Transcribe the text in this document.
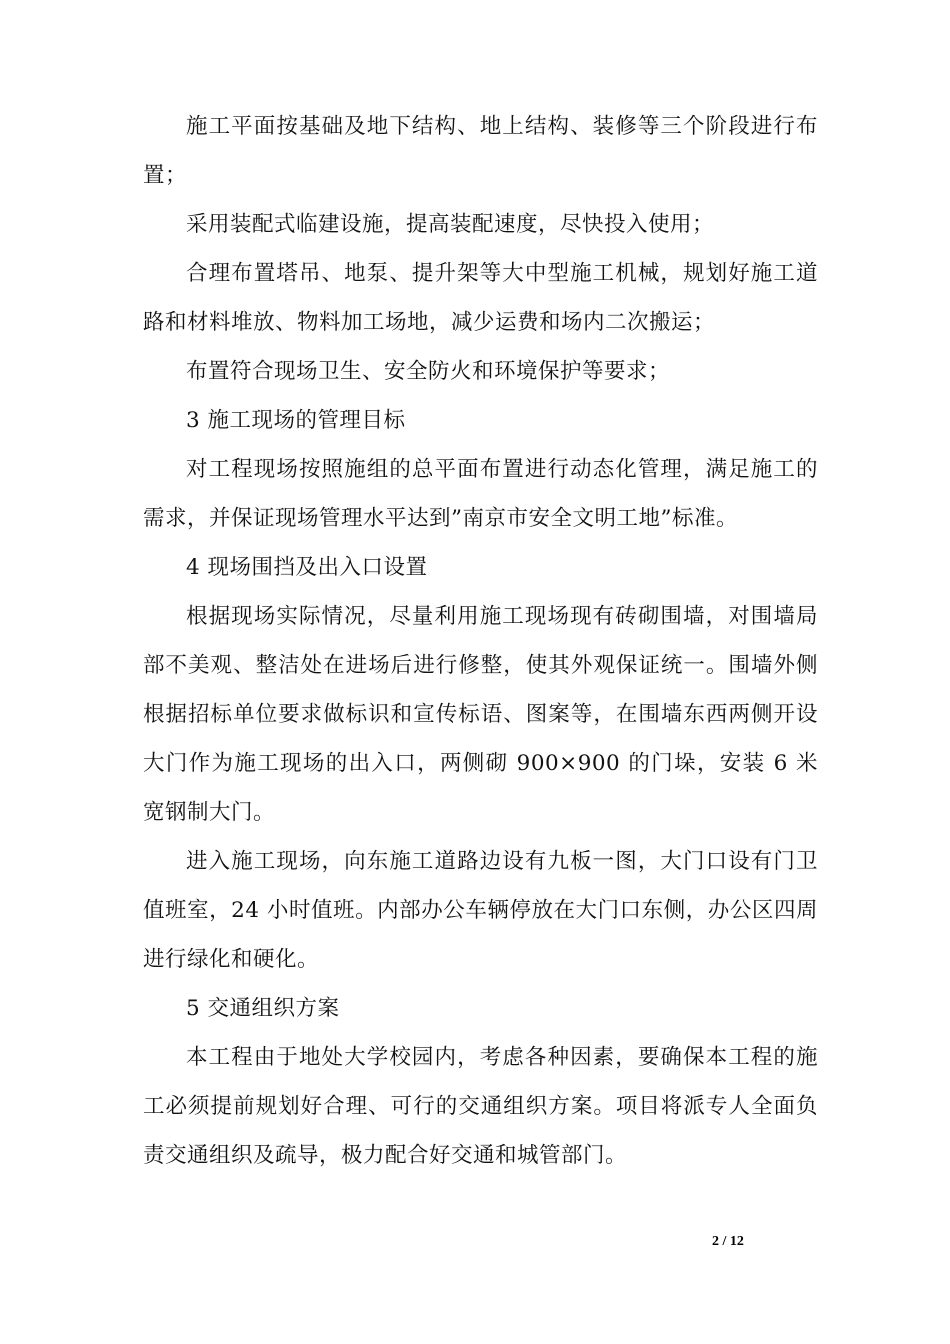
施工平面按基础及地下结构、地上结构、装修等三个阶段进行布置；

采用装配式临建设施，提高装配速度，尽快投入使用；

合理布置塔吊、地泵、提升架等大中型施工机械，规划好施工道路和材料堆放、物料加工场地，减少运费和场内二次搬运；

布置符合现场卫生、安全防火和环境保护等要求；

3 施工现场的管理目标

对工程现场按照施组的总平面布置进行动态化管理，满足施工的需求，并保证现场管理水平达到”南京市安全文明工地”标准。

4 现场围挡及出入口设置

根据现场实际情况，尽量利用施工现场现有砖砌围墙，对围墙局部不美观、整洁处在进场后进行修整，使其外观保证统一。围墙外侧根据招标单位要求做标识和宣传标语、图案等，在围墙东西两侧开设大门作为施工现场的出入口，两侧砌 900×900 的门垛，安装 6 米宽钢制大门。

进入施工现场，向东施工道路边设有九板一图，大门口设有门卫值班室，24 小时值班。内部办公车辆停放在大门口东侧，办公区四周进行绿化和硬化。

5 交通组织方案

本工程由于地处大学校园内，考虑各种因素，要确保本工程的施工必须提前规划好合理、可行的交通组织方案。项目将派专人全面负责交通组织及疏导，极力配合好交通和城管部门。

2 / 12
